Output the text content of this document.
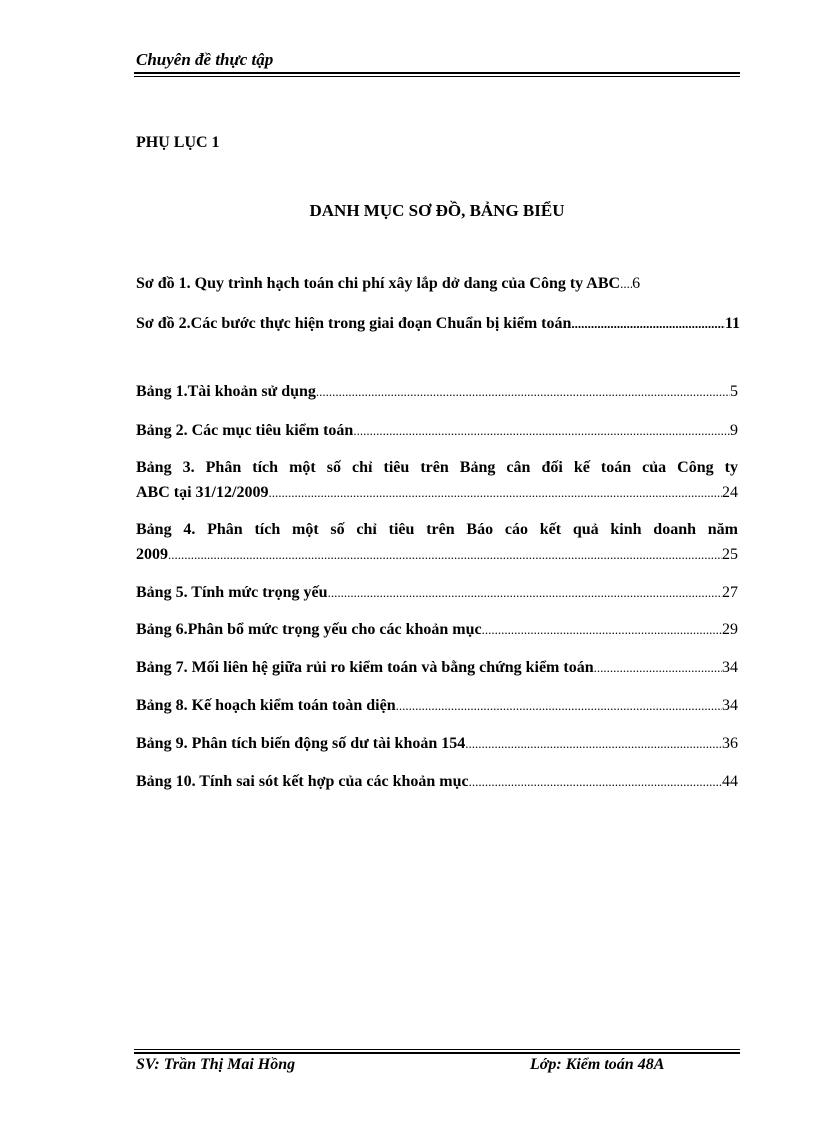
Chuyên đề thực tập
PHỤ LỤC 1
DANH MỤC SƠ ĐỒ, BẢNG BIỂU
Sơ đồ 1. Quy trình hạch toán chi phí xây lắp dở dang của Công ty ABC ..... 6
Sơ đồ 2.Các bước thực hiện trong giai đoạn Chuẩn bị kiểm toán .....	11
Bảng 1.Tài khoản sử dụng .....	5
Bảng 2. Các mục tiêu kiểm toán .....	9
Bảng 3. Phân tích một số chỉ tiêu trên Bảng cân đối kế toán của Công ty
ABC tại 31/12/2009 .....	24
Bảng 4. Phân tích một số chỉ tiêu trên Báo cáo kết quả kinh doanh năm
2009 .....	25
Bảng 5. Tính mức trọng yếu .....	27
Bảng 6.Phân bổ mức trọng yếu cho các khoản mục .....	29
Bảng 7. Mối liên hệ giữa rủi ro kiểm toán và bằng chứng kiểm toán .....	34
Bảng 8. Kế hoạch kiểm toán toàn diện .....	34
Bảng 9. Phân tích biến động số dư tài khoản 154 .....	36
Bảng 10. Tính sai sót kết hợp của các khoản mục .....	44
SV: Trần Thị Mai Hồng	Lớp: Kiểm toán 48A
